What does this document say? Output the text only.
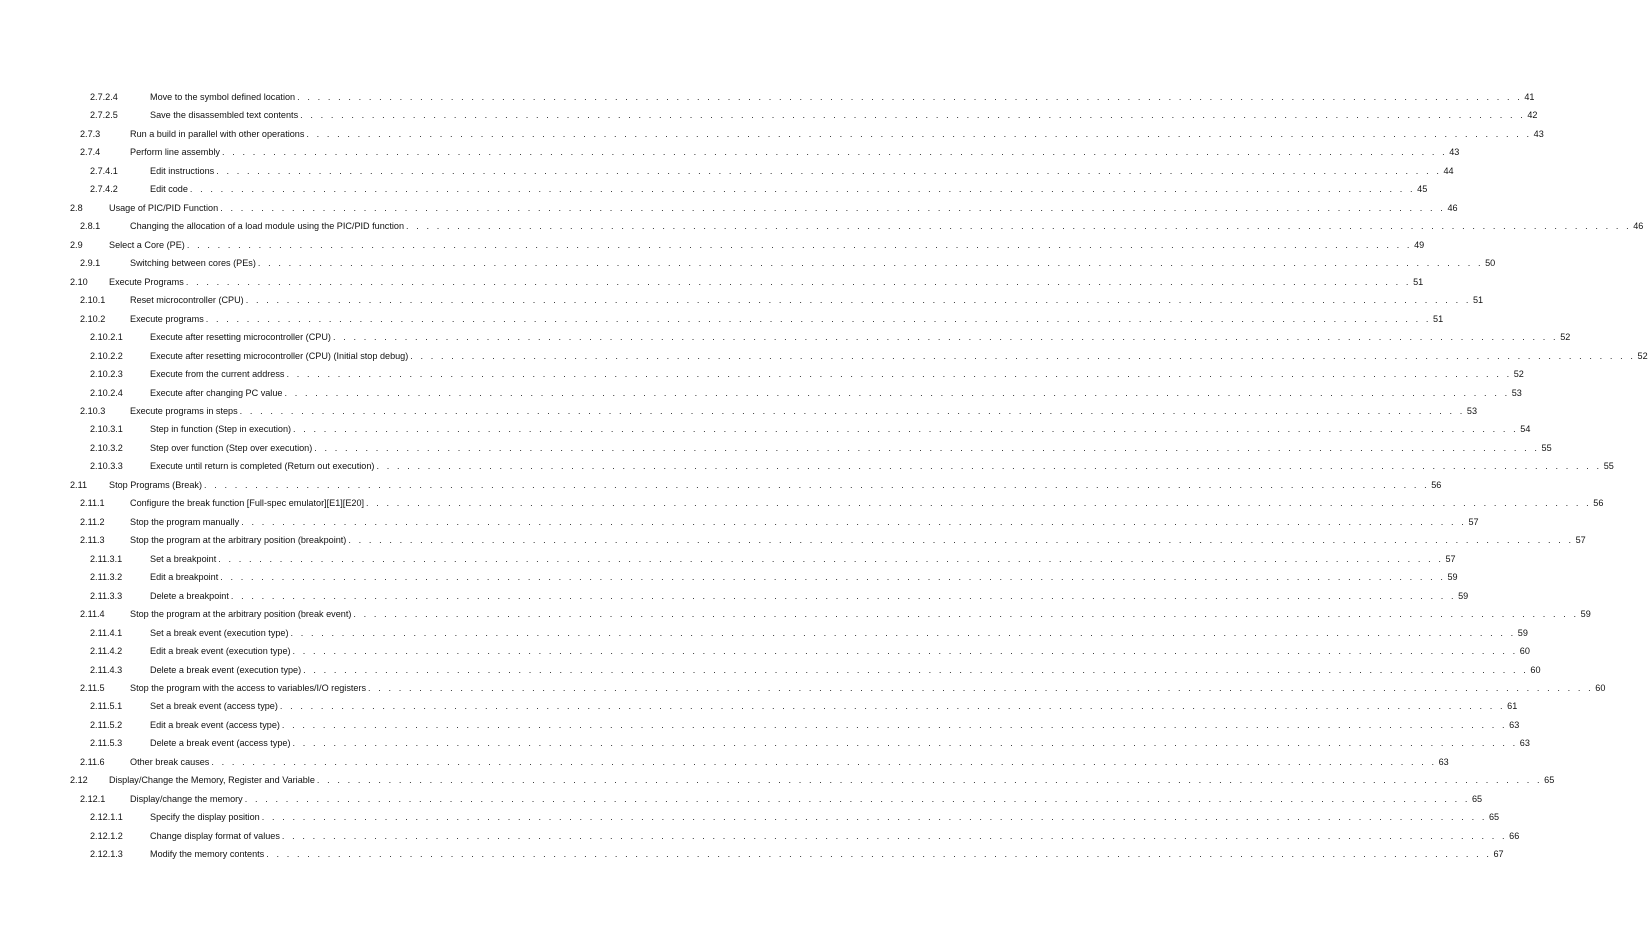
2.7.2.4	Move to the symbol defined location . . . . . . . . . . . . . . . . . . . . . . . . . . . . . . . . . . . . . . . . . . . . . . . . . . . . . . . . . . . . . . . . . . . . . . . . . . . . . . . . . . . . . . . . . . . . . . . . . . . . . . . . . . . . . . . . . . . . . . . . 41
2.7.2.5	Save the disassembled text contents . . . . . . . . . . . . . . . . . . . . . . . . . . . . . . . . . . . . . . . . . . . . . . . . . . . . . . . . . . . . . . . . . . . . . . . . . . . . . . . . . . . . . . . . . . . . . . . . . . . . . . . . . . . . . . . . . . . . . . . . 42
2.7.3	Run a build in parallel with other operations . . . . . . . . . . . . . . . . . . . . . . . . . . . . . . . . . . . . . . . . . . . . . . . . . . . . . . . . . . . . . . . . . . . . . . . . . . . . . . . . . . . . . . . . . . . . . . . . . . . . . . . . . . . . . . . . . . . . . . . . 43
2.7.4	Perform line assembly . . . . . . . . . . . . . . . . . . . . . . . . . . . . . . . . . . . . . . . . . . . . . . . . . . . . . . . . . . . . . . . . . . . . . . . . . . . . . . . . . . . . . . . . . . . . . . . . . . . . . . . . . . . . . . . . . . . . . . . . 43
2.7.4.1	Edit instructions . . . . . . . . . . . . . . . . . . . . . . . . . . . . . . . . . . . . . . . . . . . . . . . . . . . . . . . . . . . . . . . . . . . . . . . . . . . . . . . . . . . . . . . . . . . . . . . . . . . . . . . . . . . . . . . . . . . . . . . . 44
2.7.4.2	Edit code . . . . . . . . . . . . . . . . . . . . . . . . . . . . . . . . . . . . . . . . . . . . . . . . . . . . . . . . . . . . . . . . . . . . . . . . . . . . . . . . . . . . . . . . . . . . . . . . . . . . . . . . . . . . . . . . . . . . . . . . 45
2.8	Usage of PIC/PID Function . . . . . . . . . . . . . . . . . . . . . . . . . . . . . . . . . . . . . . . . . . . . . . . . . . . . . . . . . . . . . . . . . . . . . . . . . . . . . . . . . . . . . . . . . . . . . . . . . . . . . . . . . . . . . . . . . . . . . . . . 46
2.8.1	Changing the allocation of a load module using the PIC/PID function . . . . . . . . . . . . . . . . . . . . . . . . . . . . . . . . . . . . . . . . . . . . . . . . . . . . . . . . . . . . . . . . . . . . . . . . . . . . . . . . . . . . . . . . . . . . . . . . . . . . . . . . . . . . . . . . . . . . . . . . 46
2.9	Select a Core (PE) . . . . . . . . . . . . . . . . . . . . . . . . . . . . . . . . . . . . . . . . . . . . . . . . . . . . . . . . . . . . . . . . . . . . . . . . . . . . . . . . . . . . . . . . . . . . . . . . . . . . . . . . . . . . . . . . . . . . . . . . 49
2.9.1	Switching between cores (PEs) . . . . . . . . . . . . . . . . . . . . . . . . . . . . . . . . . . . . . . . . . . . . . . . . . . . . . . . . . . . . . . . . . . . . . . . . . . . . . . . . . . . . . . . . . . . . . . . . . . . . . . . . . . . . . . . . . . . . . . . . 50
2.10 Execute Programs . . . . . . . . . . . . . . . . . . . . . . . . . . . . . . . . . . . . . . . . . . . . . . . . . . . . . . . . . . . . . . . . . . . . . . . . . . . . . . . . . . . . . . . . . . . . . . . . . . . . . . . . . . . . . . . . . . . . . . . . 51
2.10.1	Reset microcontroller (CPU) . . . . . . . . . . . . . . . . . . . . . . . . . . . . . . . . . . . . . . . . . . . . . . . . . . . . . . . . . . . . . . . . . . . . . . . . . . . . . . . . . . . . . . . . . . . . . . . . . . . . . . . . . . . . . . . . . . . . . . . . 51
2.10.2	Execute programs . . . . . . . . . . . . . . . . . . . . . . . . . . . . . . . . . . . . . . . . . . . . . . . . . . . . . . . . . . . . . . . . . . . . . . . . . . . . . . . . . . . . . . . . . . . . . . . . . . . . . . . . . . . . . . . . . . . . . . . . 51
2.10.2.1	Execute after resetting microcontroller (CPU) . . . . . . . . . . . . . . . . . . . . . . . . . . . . . . . . . . . . . . . . . . . . . . . . . . . . . . . . . . . . . . . . . . . . . . . . . . . . . . . . . . . . . . . . . . . . . . . . . . . . . . . . . . . . . . . . . . . . . . . . 52
2.10.2.2	Execute after resetting microcontroller (CPU) (Initial stop debug) . . . . . . . . . . . . . . . . . . . . . . . . . . . . . . . . . . . . . . . . . . . . . . . . . . . . . . . . . . . . . . . . . . . . . . . . . . . . . . . . . . . . . . . . . . . . . . . . . . . . . . . . . . . . . . . . . . . . . . . . 52
2.10.2.3	Execute from the current address . . . . . . . . . . . . . . . . . . . . . . . . . . . . . . . . . . . . . . . . . . . . . . . . . . . . . . . . . . . . . . . . . . . . . . . . . . . . . . . . . . . . . . . . . . . . . . . . . . . . . . . . . . . . . . . . . . . . . . . . 52
2.10.2.4	Execute after changing PC value . . . . . . . . . . . . . . . . . . . . . . . . . . . . . . . . . . . . . . . . . . . . . . . . . . . . . . . . . . . . . . . . . . . . . . . . . . . . . . . . . . . . . . . . . . . . . . . . . . . . . . . . . . . . . . . . . . . . . . . . 53
2.10.3	Execute programs in steps . . . . . . . . . . . . . . . . . . . . . . . . . . . . . . . . . . . . . . . . . . . . . . . . . . . . . . . . . . . . . . . . . . . . . . . . . . . . . . . . . . . . . . . . . . . . . . . . . . . . . . . . . . . . . . . . . . . . . . . . 53
2.10.3.1	Step in function (Step in execution) . . . . . . . . . . . . . . . . . . . . . . . . . . . . . . . . . . . . . . . . . . . . . . . . . . . . . . . . . . . . . . . . . . . . . . . . . . . . . . . . . . . . . . . . . . . . . . . . . . . . . . . . . . . . . . . . . . . . . . . . 54
2.10.3.2	Step over function (Step over execution) . . . . . . . . . . . . . . . . . . . . . . . . . . . . . . . . . . . . . . . . . . . . . . . . . . . . . . . . . . . . . . . . . . . . . . . . . . . . . . . . . . . . . . . . . . . . . . . . . . . . . . . . . . . . . . . . . . . . . . . . 55
2.10.3.3	Execute until return is completed (Return out execution) . . . . . . . . . . . . . . . . . . . . . . . . . . . . . . . . . . . . . . . . . . . . . . . . . . . . . . . . . . . . . . . . . . . . . . . . . . . . . . . . . . . . . . . . . . . . . . . . . . . . . . . . . . . . . . . . . . . . . . . . 55
2.11 Stop Programs (Break) . . . . . . . . . . . . . . . . . . . . . . . . . . . . . . . . . . . . . . . . . . . . . . . . . . . . . . . . . . . . . . . . . . . . . . . . . . . . . . . . . . . . . . . . . . . . . . . . . . . . . . . . . . . . . . . . . . . . . . . . 56
2.11.1	Configure the break function [Full-spec emulator][E1][E20] . . . . . . . . . . . . . . . . . . . . . . . . . . . . . . . . . . . . . . . . . . . . . . . . . . . . . . . . . . . . . . . . . . . . . . . . . . . . . . . . . . . . . . . . . . . . . . . . . . . . . . . . . . . . . . . . . . . . . . . . 56
2.11.2	Stop the program manually . . . . . . . . . . . . . . . . . . . . . . . . . . . . . . . . . . . . . . . . . . . . . . . . . . . . . . . . . . . . . . . . . . . . . . . . . . . . . . . . . . . . . . . . . . . . . . . . . . . . . . . . . . . . . . . . . . . . . . . . 57
2.11.3	Stop the program at the arbitrary position (breakpoint) . . . . . . . . . . . . . . . . . . . . . . . . . . . . . . . . . . . . . . . . . . . . . . . . . . . . . . . . . . . . . . . . . . . . . . . . . . . . . . . . . . . . . . . . . . . . . . . . . . . . . . . . . . . . . . . . . . . . . . . . 57
2.11.3.1	Set a breakpoint . . . . . . . . . . . . . . . . . . . . . . . . . . . . . . . . . . . . . . . . . . . . . . . . . . . . . . . . . . . . . . . . . . . . . . . . . . . . . . . . . . . . . . . . . . . . . . . . . . . . . . . . . . . . . . . . . . . . . . . . 57
2.11.3.2	Edit a breakpoint . . . . . . . . . . . . . . . . . . . . . . . . . . . . . . . . . . . . . . . . . . . . . . . . . . . . . . . . . . . . . . . . . . . . . . . . . . . . . . . . . . . . . . . . . . . . . . . . . . . . . . . . . . . . . . . . . . . . . . . . 59
2.11.3.3	Delete a breakpoint . . . . . . . . . . . . . . . . . . . . . . . . . . . . . . . . . . . . . . . . . . . . . . . . . . . . . . . . . . . . . . . . . . . . . . . . . . . . . . . . . . . . . . . . . . . . . . . . . . . . . . . . . . . . . . . . . . . . . . . . 59
2.11.4	Stop the program at the arbitrary position (break event) . . . . . . . . . . . . . . . . . . . . . . . . . . . . . . . . . . . . . . . . . . . . . . . . . . . . . . . . . . . . . . . . . . . . . . . . . . . . . . . . . . . . . . . . . . . . . . . . . . . . . . . . . . . . . . . . . . . . . . . . 59
2.11.4.1	Set a break event (execution type) . . . . . . . . . . . . . . . . . . . . . . . . . . . . . . . . . . . . . . . . . . . . . . . . . . . . . . . . . . . . . . . . . . . . . . . . . . . . . . . . . . . . . . . . . . . . . . . . . . . . . . . . . . . . . . . . . . . . . . . . 59
2.11.4.2	Edit a break event (execution type) . . . . . . . . . . . . . . . . . . . . . . . . . . . . . . . . . . . . . . . . . . . . . . . . . . . . . . . . . . . . . . . . . . . . . . . . . . . . . . . . . . . . . . . . . . . . . . . . . . . . . . . . . . . . . . . . . . . . . . . . 60
2.11.4.3	Delete a break event (execution type) . . . . . . . . . . . . . . . . . . . . . . . . . . . . . . . . . . . . . . . . . . . . . . . . . . . . . . . . . . . . . . . . . . . . . . . . . . . . . . . . . . . . . . . . . . . . . . . . . . . . . . . . . . . . . . . . . . . . . . . . 60
2.11.5	Stop the program with the access to variables/I/O registers . . . . . . . . . . . . . . . . . . . . . . . . . . . . . . . . . . . . . . . . . . . . . . . . . . . . . . . . . . . . . . . . . . . . . . . . . . . . . . . . . . . . . . . . . . . . . . . . . . . . . . . . . . . . . . . . . . . . . . . . 60
2.11.5.1	Set a break event (access type) . . . . . . . . . . . . . . . . . . . . . . . . . . . . . . . . . . . . . . . . . . . . . . . . . . . . . . . . . . . . . . . . . . . . . . . . . . . . . . . . . . . . . . . . . . . . . . . . . . . . . . . . . . . . . . . . . . . . . . . . 61
2.11.5.2	Edit a break event (access type) . . . . . . . . . . . . . . . . . . . . . . . . . . . . . . . . . . . . . . . . . . . . . . . . . . . . . . . . . . . . . . . . . . . . . . . . . . . . . . . . . . . . . . . . . . . . . . . . . . . . . . . . . . . . . . . . . . . . . . . . 63
2.11.5.3	Delete a break event (access type) . . . . . . . . . . . . . . . . . . . . . . . . . . . . . . . . . . . . . . . . . . . . . . . . . . . . . . . . . . . . . . . . . . . . . . . . . . . . . . . . . . . . . . . . . . . . . . . . . . . . . . . . . . . . . . . . . . . . . . . . 63
2.11.6	Other break causes . . . . . . . . . . . . . . . . . . . . . . . . . . . . . . . . . . . . . . . . . . . . . . . . . . . . . . . . . . . . . . . . . . . . . . . . . . . . . . . . . . . . . . . . . . . . . . . . . . . . . . . . . . . . . . . . . . . . . . . . 63
2.12 Display/Change the Memory, Register and Variable . . . . . . . . . . . . . . . . . . . . . . . . . . . . . . . . . . . . . . . . . . . . . . . . . . . . . . . . . . . . . . . . . . . . . . . . . . . . . . . . . . . . . . . . . . . . . . . . . . . . . . . . . . . . . . . . . . . . . . . . 65
2.12.1	Display/change the memory . . . . . . . . . . . . . . . . . . . . . . . . . . . . . . . . . . . . . . . . . . . . . . . . . . . . . . . . . . . . . . . . . . . . . . . . . . . . . . . . . . . . . . . . . . . . . . . . . . . . . . . . . . . . . . . . . . . . . . . . 65
2.12.1.1	Specify the display position . . . . . . . . . . . . . . . . . . . . . . . . . . . . . . . . . . . . . . . . . . . . . . . . . . . . . . . . . . . . . . . . . . . . . . . . . . . . . . . . . . . . . . . . . . . . . . . . . . . . . . . . . . . . . . . . . . . . . . . . 65
2.12.1.2	Change display format of values . . . . . . . . . . . . . . . . . . . . . . . . . . . . . . . . . . . . . . . . . . . . . . . . . . . . . . . . . . . . . . . . . . . . . . . . . . . . . . . . . . . . . . . . . . . . . . . . . . . . . . . . . . . . . . . . . . . . . . . . 66
2.12.1.3	Modify the memory contents . . . . . . . . . . . . . . . . . . . . . . . . . . . . . . . . . . . . . . . . . . . . . . . . . . . . . . . . . . . . . . . . . . . . . . . . . . . . . . . . . . . . . . . . . . . . . . . . . . . . . . . . . . . . . . . . . . . . . . . . 67
